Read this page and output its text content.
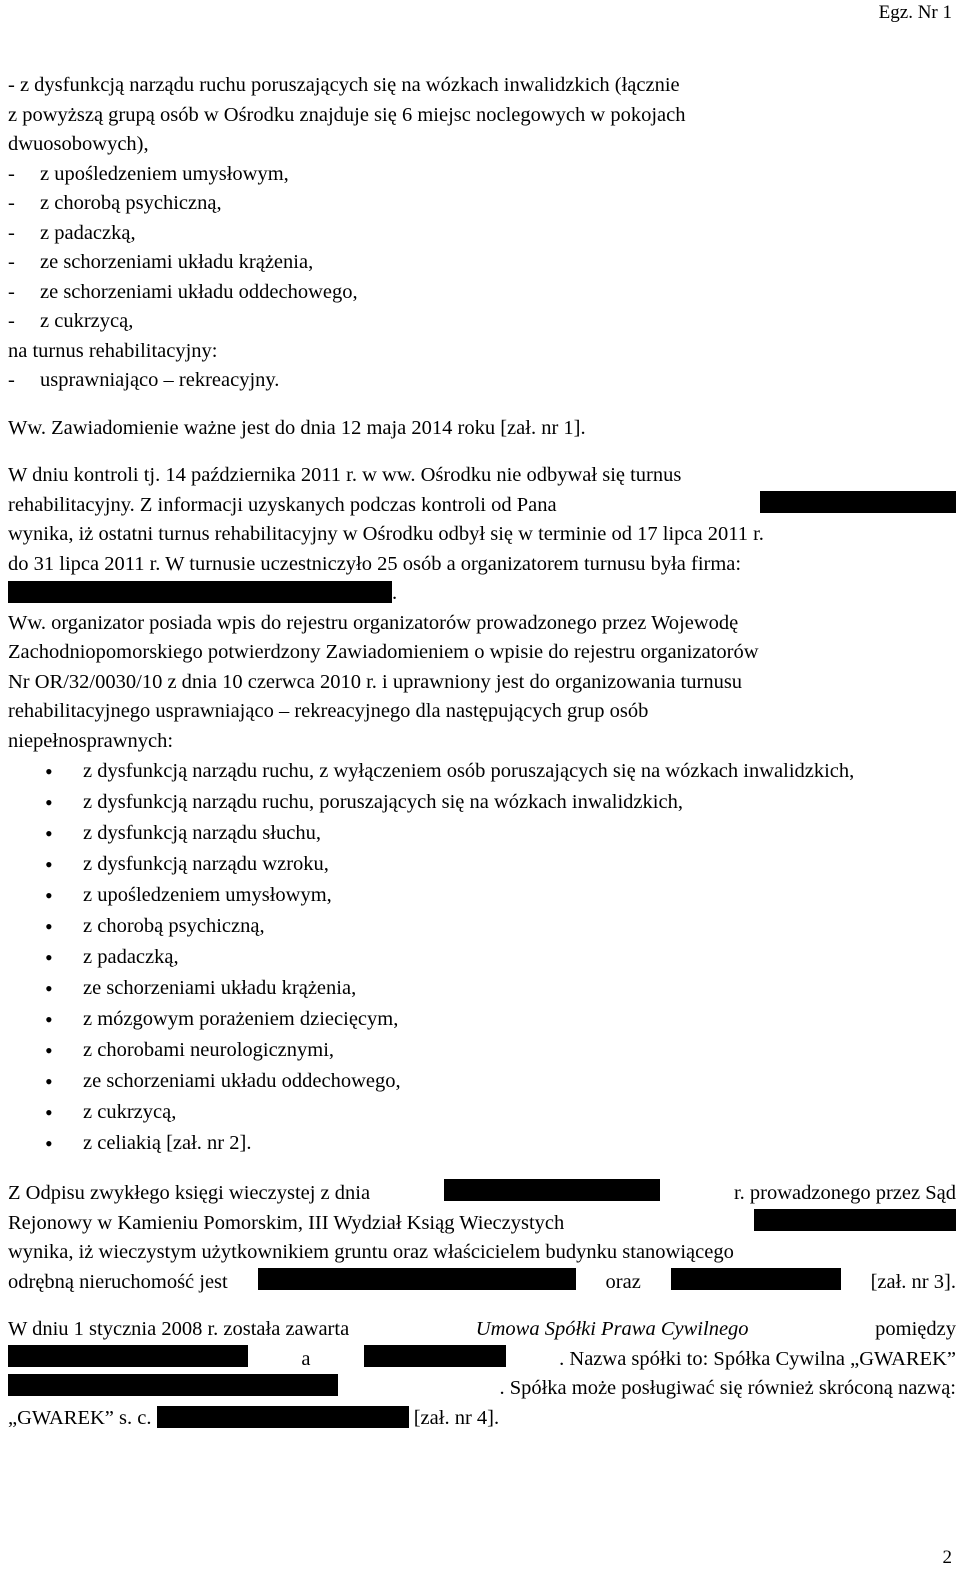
Egz. Nr 1
- z dysfunkcją narządu ruchu poruszających się na wózkach inwalidzkich (łącznie
z powyższą grupą osób w Ośrodku znajduje się 6 miejsc noclegowych w pokojach
dwuosobowych),
- z upośledzeniem umysłowym,
- z chorobą psychiczną,
- z padaczką,
- ze schorzeniami układu krążenia,
- ze schorzeniami układu oddechowego,
- z cukrzycą,
na turnus rehabilitacyjny:
- usprawniająco – rekreacyjny.
Ww. Zawiadomienie ważne jest do dnia 12 maja 2014 roku [zał. nr 1].
W dniu kontroli tj. 14 października 2011 r. w ww. Ośrodku nie odbywał się turnus
rehabilitacyjny. Z informacji uzyskanych podczas kontroli od Pana
wynika, iż ostatni turnus rehabilitacyjny w Ośrodku odbył się w terminie od 17 lipca 2011 r.
do 31 lipca 2011 r. W turnusie uczestniczyło 25 osób a organizatorem turnusu była firma:
.
Ww. organizator posiada wpis do rejestru organizatorów prowadzonego przez Wojewodę
Zachodniopomorskiego potwierdzony Zawiadomieniem o wpisie do rejestru organizatorów
Nr OR/32/0030/10 z dnia 10 czerwca 2010 r. i uprawniony jest do organizowania turnusu
rehabilitacyjnego usprawniająco – rekreacyjnego dla następujących grup osób
niepełnosprawnych:
• z dysfunkcją narządu ruchu, z wyłączeniem osób poruszających się na wózkach inwalidzkich,
• z dysfunkcją narządu ruchu, poruszających się na wózkach inwalidzkich,
• z dysfunkcją narządu słuchu,
• z dysfunkcją narządu wzroku,
• z upośledzeniem umysłowym,
• z chorobą psychiczną,
• z padaczką,
• ze schorzeniami układu krążenia,
• z mózgowym porażeniem dziecięcym,
• z chorobami neurologicznymi,
• ze schorzeniami układu oddechowego,
• z cukrzycą,
• z celiakią [zał. nr 2].
Z Odpisu zwykłego księgi wieczystej z dnia	r. prowadzonego przez Sąd
Rejonowy w Kamieniu Pomorskim, III Wydział Ksiąg Wieczystych
wynika, iż wieczystym użytkownikiem gruntu oraz właścicielem budynku stanowiącego
odrębną nieruchomość jest	oraz	[zał. nr 3].
W dniu 1 stycznia 2008 r. została zawarta	Umowa Spółki Prawa Cywilnego	pomiędzy
a	. Nazwa spółki to: Spółka Cywilna „GWAREK”
. Spółka może posługiwać się również skróconą nazwą:
„GWAREK” s. c.	[zał. nr 4].
2
